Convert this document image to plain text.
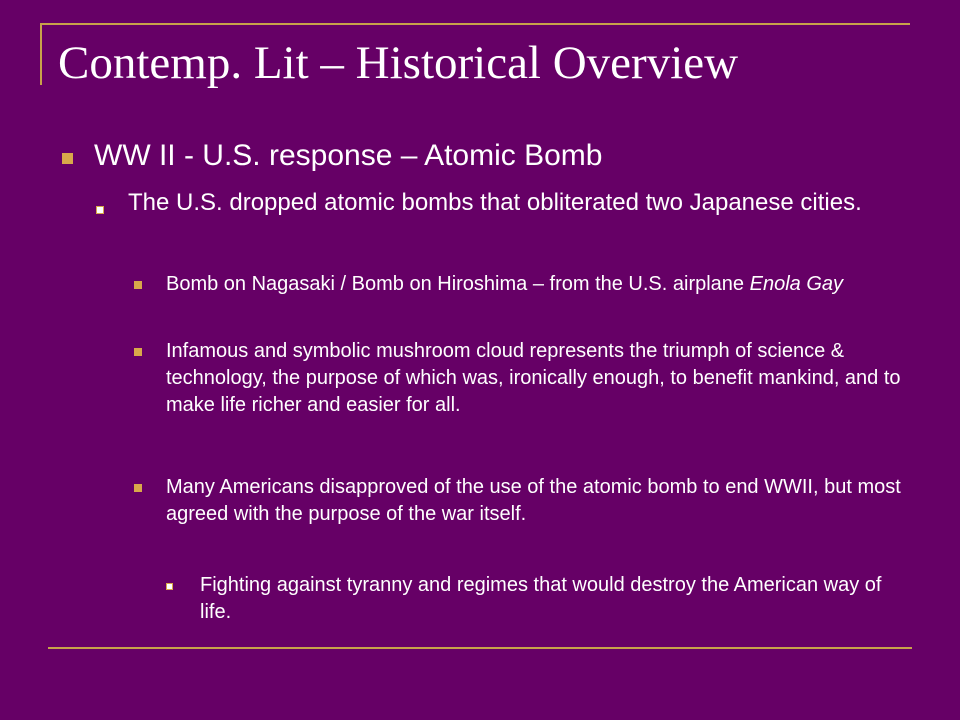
Contemp. Lit – Historical Overview
WW II - U.S. response – Atomic Bomb
The U.S. dropped atomic bombs that obliterated two Japanese cities.
Bomb on Nagasaki / Bomb on Hiroshima – from the U.S. airplane Enola Gay
Infamous and symbolic mushroom cloud represents the triumph of science & technology, the purpose of which was, ironically enough, to benefit mankind, and to make life richer and easier for all.
Many Americans disapproved of the use of the atomic bomb to end WWII, but most agreed with the purpose of the war itself.
Fighting against tyranny and regimes that would destroy the American way of life.
